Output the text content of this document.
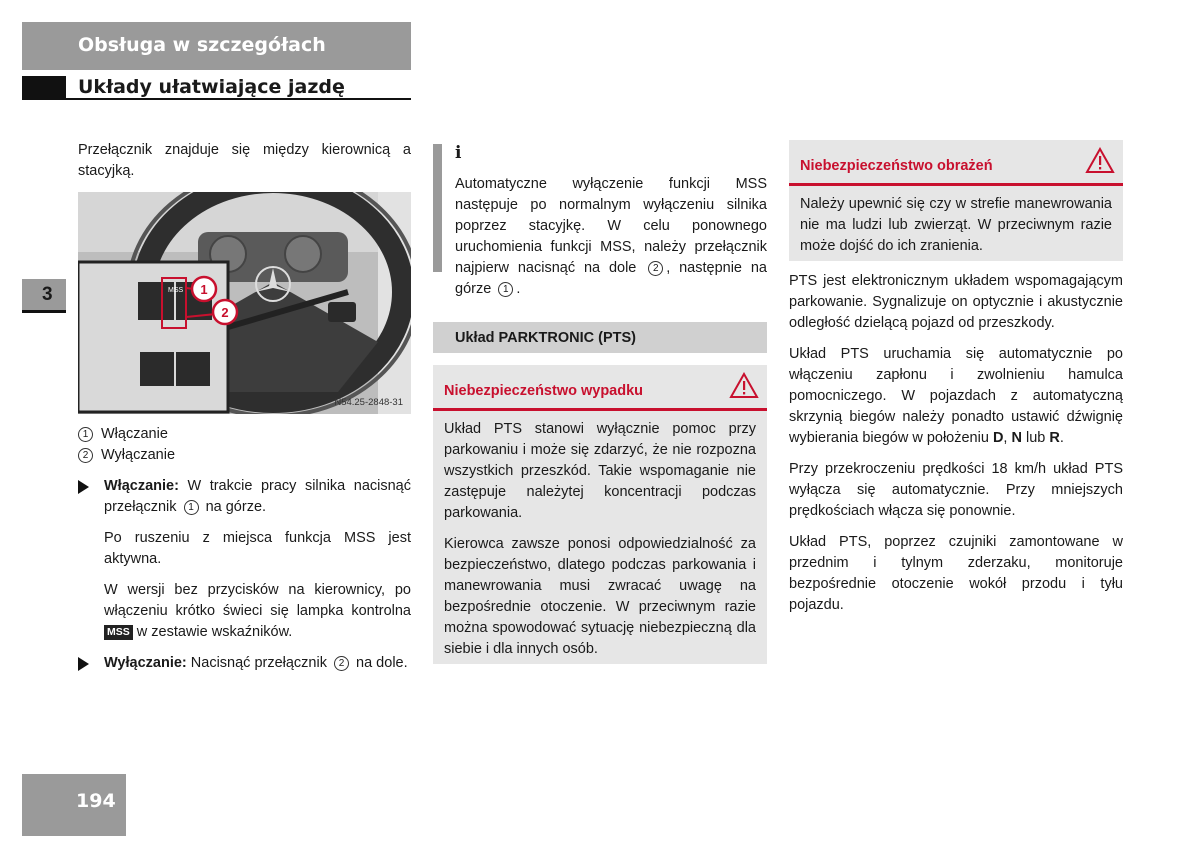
Obsługa w szczegółach
Układy ułatwiające jazdę
3
194

Przełącznik znajduje się między kierownicą a stacyjką.

MSS 1
2
N54.25-2848-31
1 Włączanie
2 Wyłączanie
Włączanie: W trakcie pracy silnika nacisnąć przełącznik 1 na górze.
Po ruszeniu z miejsca funkcja MSS jest aktywna.
W wersji bez przycisków na kierownicy, po włączeniu krótko świeci się lampka kontrolna MSS w zestawie wskaźników.
Wyłączanie: Nacisnąć przełącznik 2 na dole.
i

Automatyczne wyłączenie funkcji MSS następuje po normalnym wyłączeniu silnika poprzez stacyjkę. W celu ponownego uruchomienia funkcji MSS, należy przełącznik najpierw nacisnąć na dole 2 , następnie na górze 1 .

Układ PARKTRONIC (PTS)
Niebezpieczeństwo wypadku

Układ PTS stanowi wyłącznie pomoc przy parkowaniu i może się zdarzyć, że nie rozpozna wszystkich przeszkód. Takie wspomaganie nie zastępuje należytej koncentracji podczas parkowania.

Kierowca zawsze ponosi odpowiedzialność za bezpieczeństwo, dlatego podczas parkowania i manewrowania musi zwracać uwagę na bezpośrednie otoczenie. W przeciwnym razie można spowodować sytuację niebezpieczną dla siebie i dla innych osób.

Niebezpieczeństwo obrażeń

Należy upewnić się czy w strefie manewrowania nie ma ludzi lub zwierząt. W przeciwnym razie może dojść do ich zranienia.

PTS jest elektronicznym układem wspomagającym parkowanie. Sygnalizuje on optycznie i akustycznie odległość dzielącą pojazd od przeszkody.

Układ PTS uruchamia się automatycznie po włączeniu zapłonu i zwolnieniu hamulca pomocniczego. W pojazdach z automatyczną skrzynią biegów należy ponadto ustawić dźwignię wybierania biegów w położeniu D, N lub R.

Przy przekroczeniu prędkości 18 km/h układ PTS wyłącza się automatycznie. Przy mniejszych prędkościach włącza się ponownie.

Układ PTS, poprzez czujniki zamontowane w przednim i tylnym zderzaku, monitoruje bezpośrednie otoczenie wokół przodu i tyłu pojazdu.
